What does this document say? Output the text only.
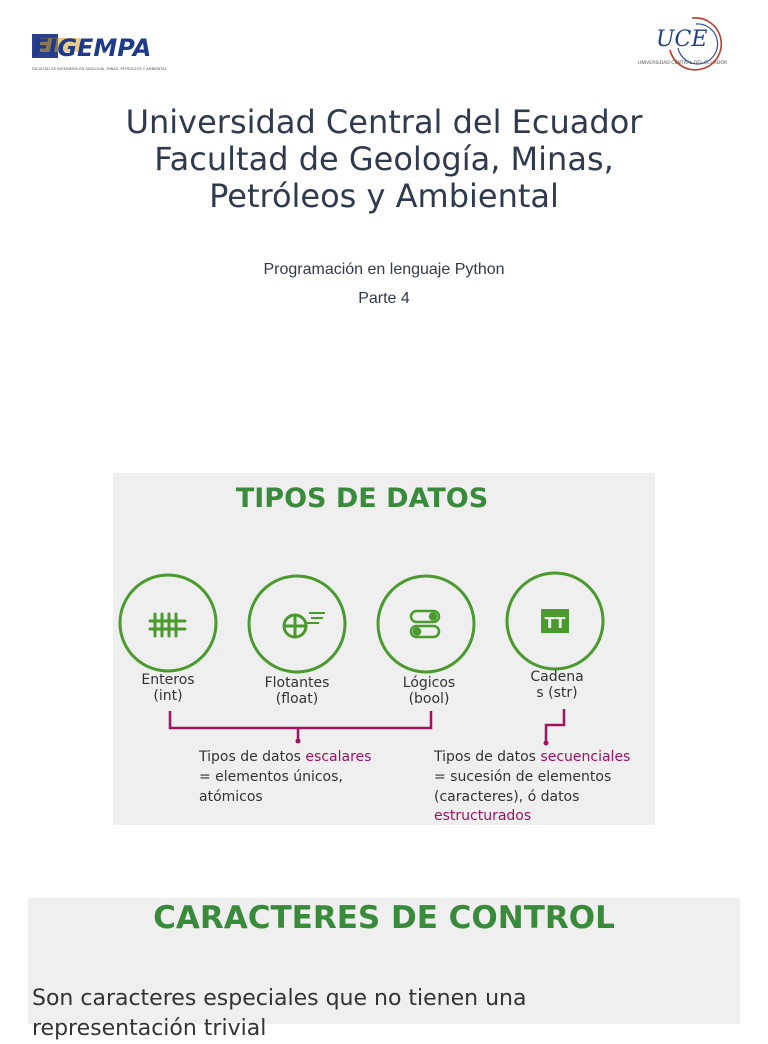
FIGEMPA
FACULTAD DE INGENIERÍA EN GEOLOGÍA, MINAS, PETRÓLEOS Y AMBIENTAL
UCE
UNIVERSIDAD CENTRAL DEL ECUADOR
Universidad Central del Ecuador
Facultad de Geología, Minas,
Petróleos y Ambiental
Programación en lenguaje Python
Parte 4
TIPOS DE DATOS
TT
Enteros
(int)
Flotantes
(float)
Lógicos
(bool)
Cadena
s (str)
Tipos de datos escalares
= elementos únicos,
atómicos
Tipos de datos secuenciales
= sucesión de elementos
(caracteres), ó datos
estructurados
CARACTERES DE CONTROL
Son caracteres especiales que no tienen una
representación trivial
